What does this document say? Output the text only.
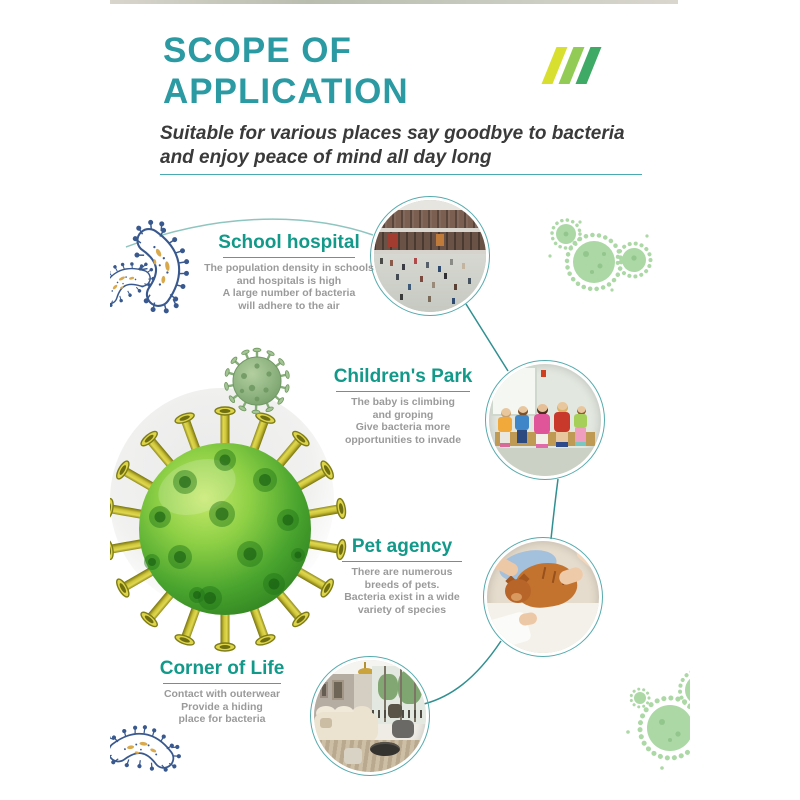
SCOPE OF
APPLICATION

Suitable for various places say goodbye to bacteria
and enjoy peace of mind all day long

School hospital

The population density in schools

and hospitals is high

A large number of bacteria

will adhere to the air

Children's Park

The baby is climbing

and groping

Give bacteria more

opportunities to invade

Pet agency

There are numerous

breeds of pets.

Bacteria exist in a wide

variety of species

Corner of Life

Contact with outerwear

Provide a hiding

place for bacteria
